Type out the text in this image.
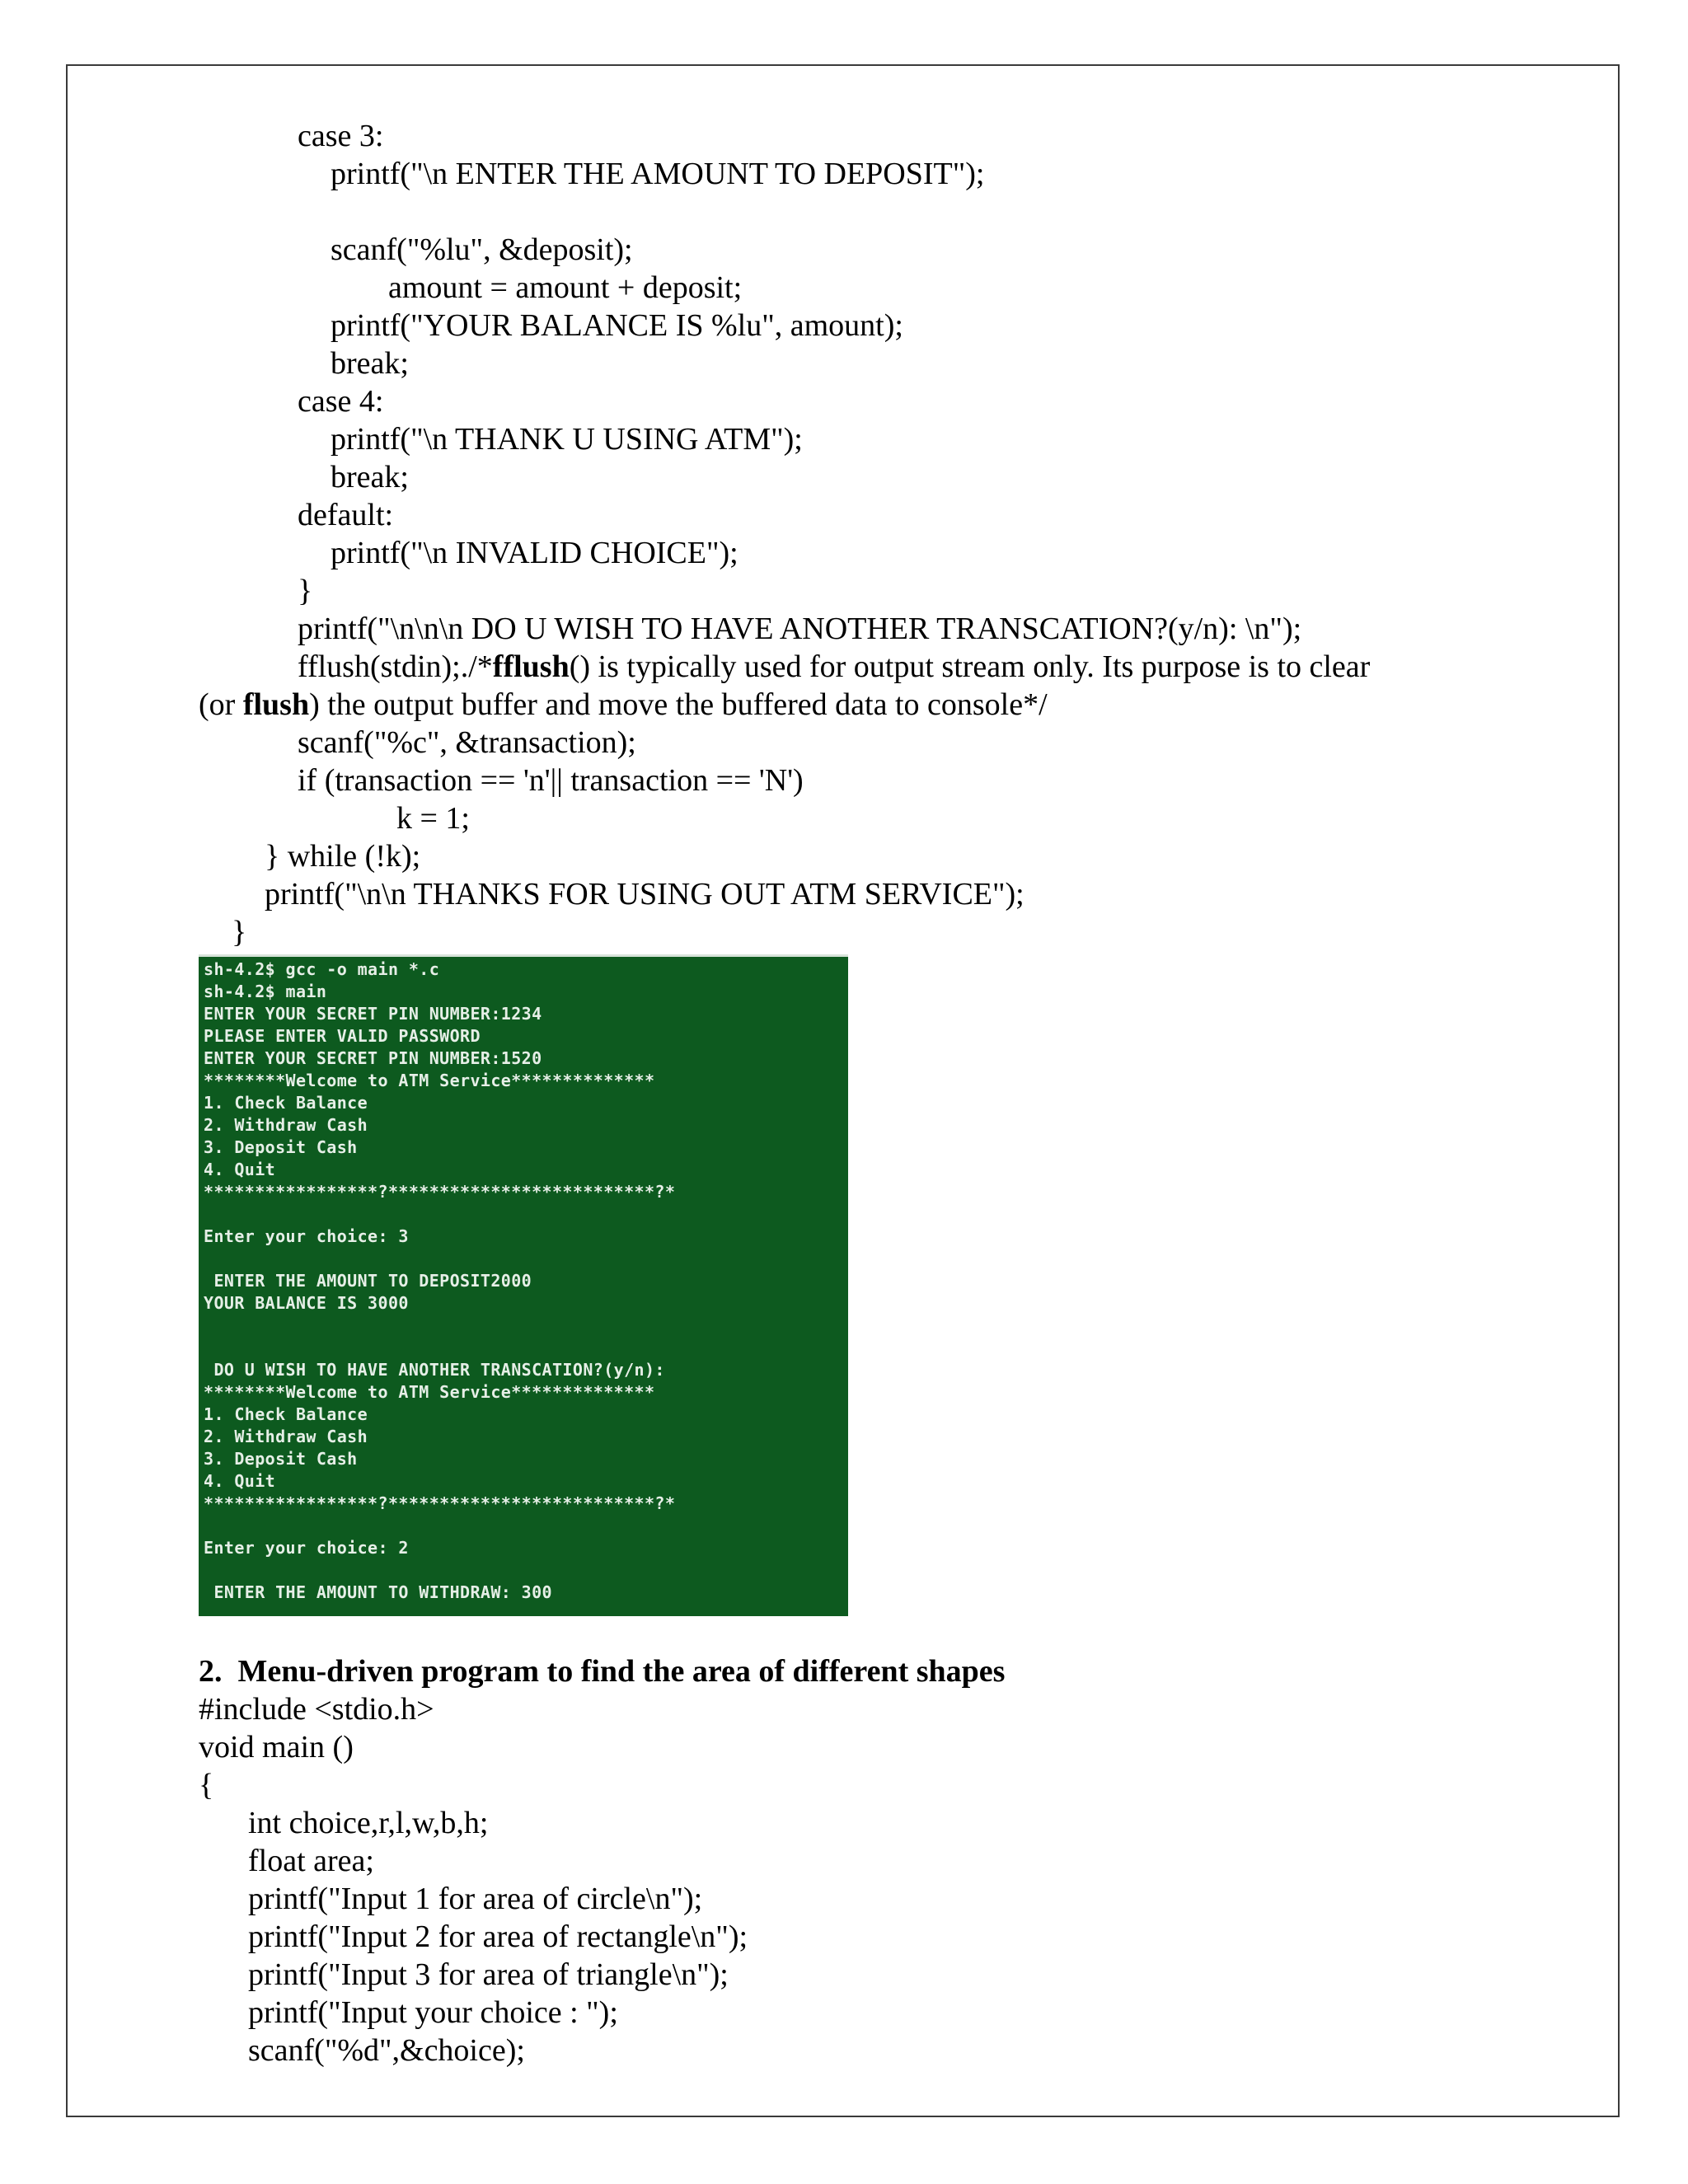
case 3:

printf("\n ENTER THE AMOUNT TO DEPOSIT");

scanf("%lu", &deposit);

amount = amount + deposit;

printf("YOUR BALANCE IS %lu", amount);

break;

case 4:

printf("\n THANK U USING ATM");

break;

default:

printf("\n INVALID CHOICE");

}

printf("\n\n\n DO U WISH TO HAVE ANOTHER TRANSCATION?(y/n): \n");

fflush(stdin);./*fflush() is typically used for output stream only. Its purpose is to clear

(or flush) the output buffer and move the buffered data to console*/

scanf("%c", &transaction);

if (transaction == 'n'|| transaction == 'N')

k = 1;

} while (!k);

printf("\n\n THANKS FOR USING OUT ATM SERVICE");

}

sh-4.2$ gcc -o main *.c
sh-4.2$ main
ENTER YOUR SECRET PIN NUMBER:1234
PLEASE ENTER VALID PASSWORD
ENTER YOUR SECRET PIN NUMBER:1520
********Welcome to ATM Service**************
1. Check Balance
2. Withdraw Cash
3. Deposit Cash
4. Quit
*****************?**************************?*
Enter your choice: 3
ENTER THE AMOUNT TO DEPOSIT2000
YOUR BALANCE IS 3000
DO U WISH TO HAVE ANOTHER TRANSCATION?(y/n):
********Welcome to ATM Service**************
1. Check Balance
2. Withdraw Cash
3. Deposit Cash
4. Quit
*****************?**************************?*
Enter your choice: 2
ENTER THE AMOUNT TO WITHDRAW: 300
2.  Menu-driven program to find the area of different shapes

#include <stdio.h>

void main ()

{

int choice,r,l,w,b,h;

float area;

printf("Input 1 for area of circle\n");

printf("Input 2 for area of rectangle\n");

printf("Input 3 for area of triangle\n");

printf("Input your choice : ");

scanf("%d",&choice);
